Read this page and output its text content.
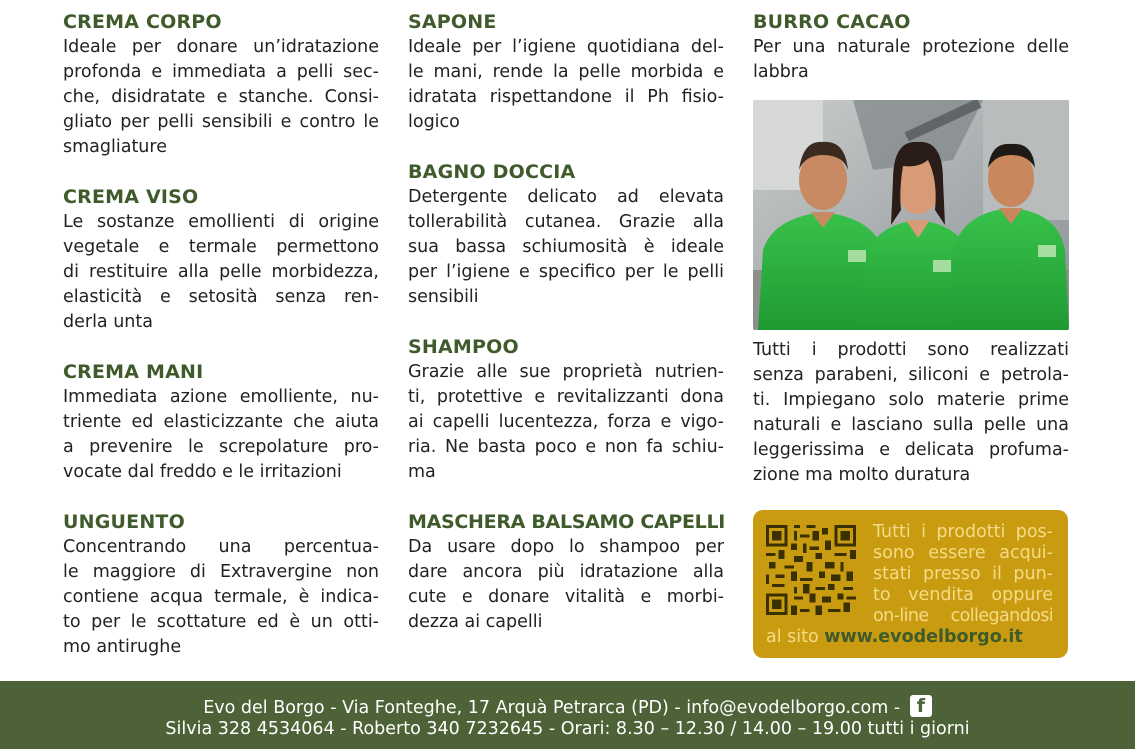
CREMA CORPO
Ideale per donare un’idratazione
profonda e immediata a pelli sec-
che, disidratate e stanche. Consi-
gliato per pelli sensibili e contro le
smagliature
CREMA VISO
Le sostanze emollienti di origine
vegetale e termale permettono
di restituire alla pelle morbidezza,
elasticità e setosità senza ren-
derla unta
CREMA MANI
Immediata azione emolliente, nu-
triente ed elasticizzante che aiuta
a prevenire le screpolature pro-
vocate dal freddo e le irritazioni
UNGUENTO
Concentrando una percentua-
le maggiore di Extravergine non
contiene acqua termale, è indica-
to per le scottature ed è un otti-
mo antirughe
SAPONE
Ideale per l’igiene quotidiana del-
le mani, rende la pelle morbida e
idratata rispettandone il Ph fisio-
logico
BAGNO DOCCIA
Detergente delicato ad elevata
tollerabilità cutanea. Grazie alla
sua bassa schiumosità è ideale
per l’igiene e specifico per le pelli
sensibili
SHAMPOO
Grazie alle sue proprietà nutrien-
ti, protettive e revitalizzanti dona
ai capelli lucentezza, forza e vigo-
ria. Ne basta poco e non fa schiu-
ma
MASCHERA BALSAMO CAPELLI
Da usare dopo lo shampoo per
dare ancora più idratazione alla
cute e donare vitalità e morbi-
dezza ai capelli
BURRO CACAO
Per una naturale protezione delle
labbra
Tutti i prodotti sono realizzati
senza parabeni, siliconi e petrola-
ti. Impiegano solo materie prime
naturali e lasciano sulla pelle una
leggerissima e delicata profuma-
zione ma molto duratura
Tutti i prodotti pos-
sono essere acqui-
stati presso il pun-
to vendita oppure
on-line collegandosi
al sito www.evodelborgo.it
Evo del Borgo - Via Fonteghe, 17 Arquà Petrarca (PD) - info@evodelborgo.com - f
Silvia 328 4534064 - Roberto 340 7232645 - Orari: 8.30 – 12.30 / 14.00 – 19.00 tutti i giorni
